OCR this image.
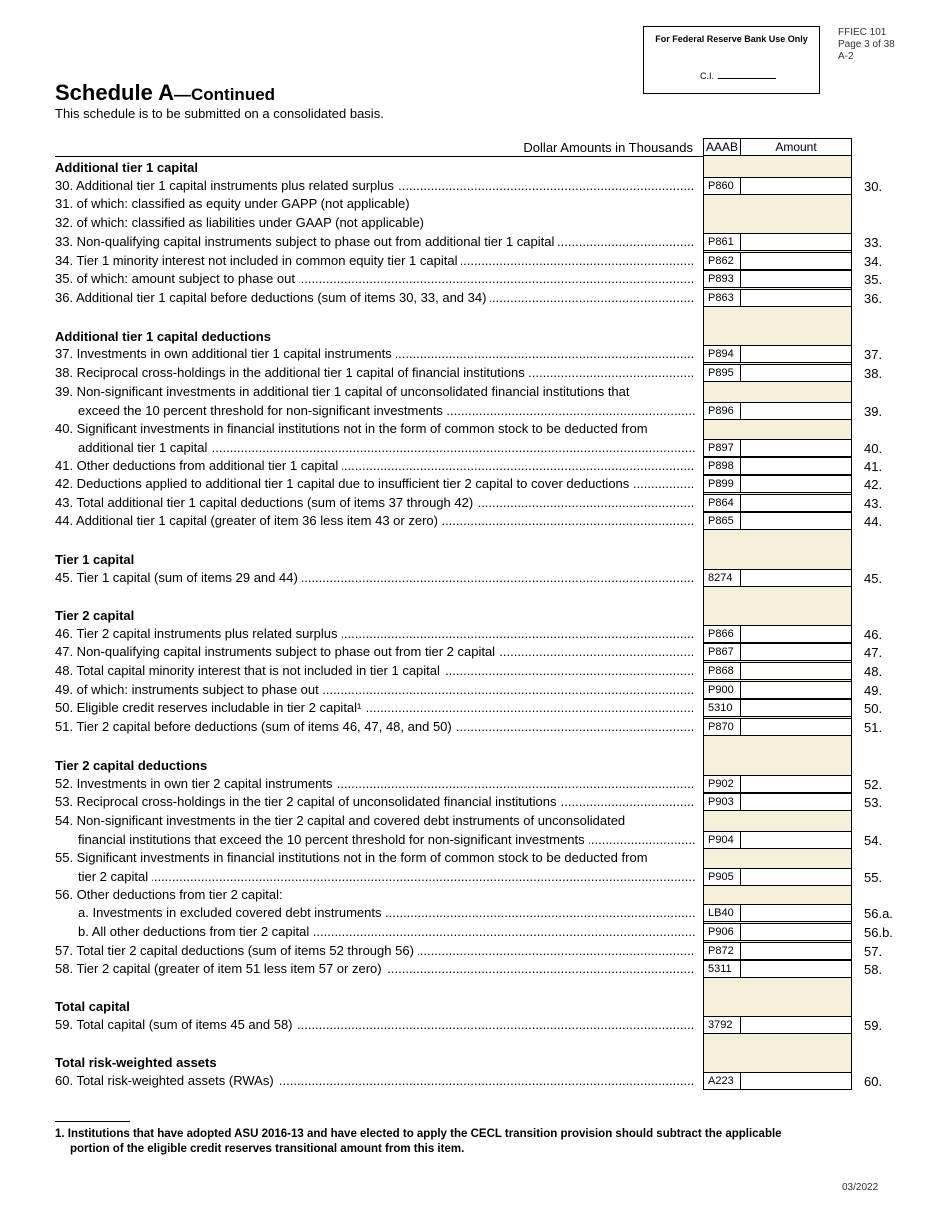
For Federal Reserve Bank Use Only
C.I.
FFIEC 101
Page 3 of 38
A-2
Schedule A—Continued
This schedule is to be submitted on a consolidated basis.
Dollar Amounts in Thousands AAAB	Amount
Additional tier 1 capital
Additional tier 1 capital deductions
Tier 1 capital
Tier 2 capital
Tier 2 capital deductions
Total capital
Total risk-weighted assets
30. Additional tier 1 capital instruments plus related surplus .....	P860	30.
31. of which: classified as equity under GAPP (not applicable)
32. of which: classified as liabilities under GAAP (not applicable)
33. Non-qualifying capital instruments subject to phase out from additional tier 1 capital .....	P861	33.
34. Tier 1 minority interest not included in common equity tier 1 capital .....	P862	34.
35. of which: amount subject to phase out .....	P893	35.
36. Additional tier 1 capital before deductions (sum of items 30, 33, and 34) .....	P863	36.
37. Investments in own additional tier 1 capital instruments .....	P894	37.
38. Reciprocal cross-holdings in the additional tier 1 capital of financial institutions .....	P895	38.
39. Non-significant investments in additional tier 1 capital of unconsolidated financial institutions that
exceed the 10 percent threshold for non-significant investments .....	P896	39.
40. Significant investments in financial institutions not in the form of common stock to be deducted from
additional tier 1 capital .....	P897	40.
41. Other deductions from additional tier 1 capital .....	P898	41.
42. Deductions applied to additional tier 1 capital due to insufficient tier 2 capital to cover deductions .....	P899	42.
43. Total additional tier 1 capital deductions (sum of items 37 through 42) .....	P864	43.
44. Additional tier 1 capital (greater of item 36 less item 43 or zero) .....	P865	44.
45. Tier 1 capital (sum of items 29 and 44) .....	8274	45.
46. Tier 2 capital instruments plus related surplus .....	P866	46.
47. Non-qualifying capital instruments subject to phase out from tier 2 capital .....	P867	47.
48. Total capital minority interest that is not included in tier 1 capital .....	P868	48.
49. of which: instruments subject to phase out .....	P900	49.
50. Eligible credit reserves includable in tier 2 capital¹ .....	5310	50.
51. Tier 2 capital before deductions (sum of items 46, 47, 48, and 50) .....	P870	51.
52. Investments in own tier 2 capital instruments .....	P902	52.
53. Reciprocal cross-holdings in the tier 2 capital of unconsolidated financial institutions .....	P903	53.
54. Non-significant investments in the tier 2 capital and covered debt instruments of unconsolidated
financial institutions that exceed the 10 percent threshold for non-significant investments .....	P904	54.
55. Significant investments in financial institutions not in the form of common stock to be deducted from
tier 2 capital .....	P905	55.
56. Other deductions from tier 2 capital:
a. Investments in excluded covered debt instruments .....	LB40	56.a.
b. All other deductions from tier 2 capital .....	P906	56.b.
57. Total tier 2 capital deductions (sum of items 52 through 56) .....	P872	57.
58. Tier 2 capital (greater of item 51 less item 57 or zero) .....	5311	58.
59. Total capital (sum of items 45 and 58) .....	3792	59.
60. Total risk-weighted assets (RWAs) .....	A223	60.
1. Institutions that have adopted ASU 2016-13 and have elected to apply the CECL transition provision should subtract the applicable
portion of the eligible credit reserves transitional amount from this item.
03/2022
